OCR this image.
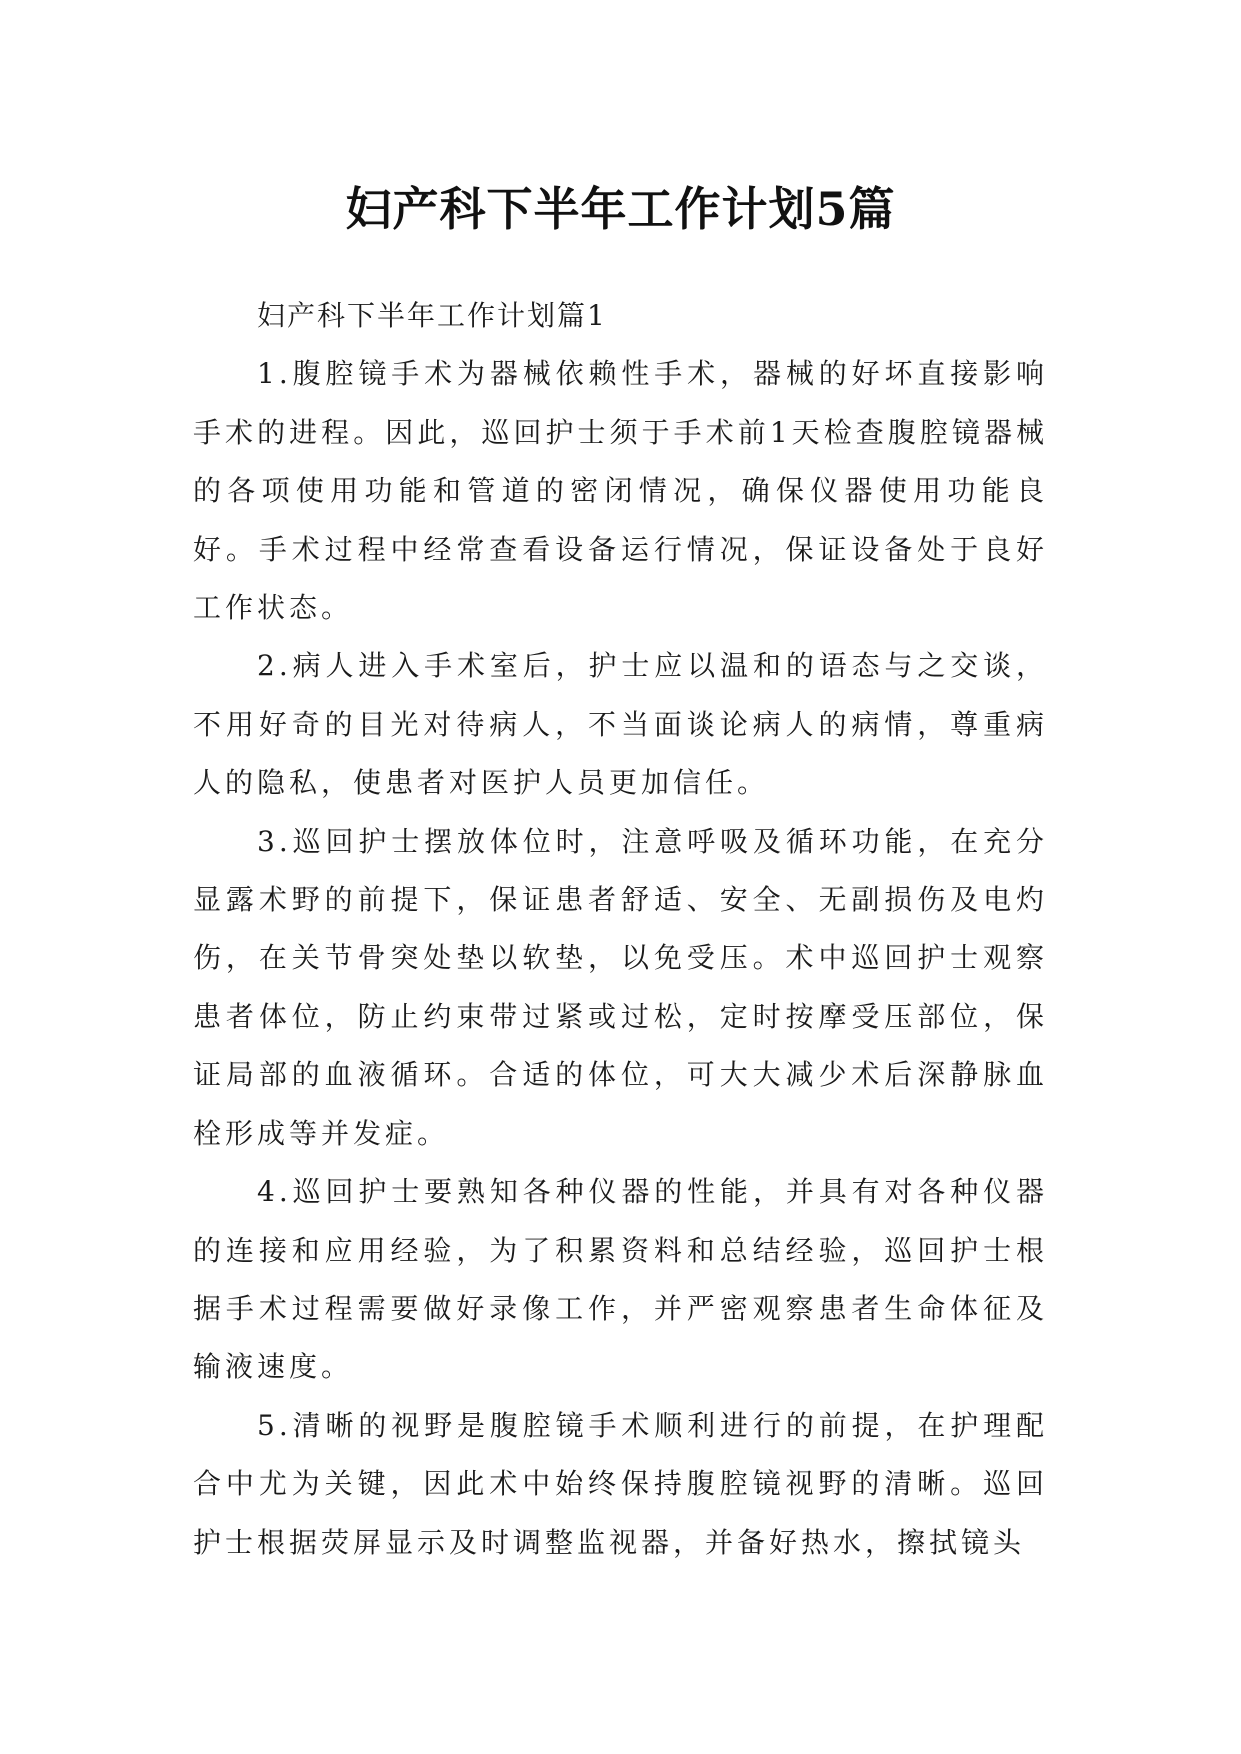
妇产科下半年工作计划5篇

妇产科下半年工作计划篇1

1.腹腔镜手术为器械依赖性手术，器械的好坏直接影响手术的进程。因此，巡回护士须于手术前1天检查腹腔镜器械的各项使用功能和管道的密闭情况，确保仪器使用功能良好。手术过程中经常查看设备运行情况，保证设备处于良好工作状态。

2.病人进入手术室后，护士应以温和的语态与之交谈，不用好奇的目光对待病人，不当面谈论病人的病情，尊重病人的隐私，使患者对医护人员更加信任。

3.巡回护士摆放体位时，注意呼吸及循环功能，在充分显露术野的前提下，保证患者舒适、安全、无副损伤及电灼伤，在关节骨突处垫以软垫，以免受压。术中巡回护士观察患者体位，防止约束带过紧或过松，定时按摩受压部位，保证局部的血液循环。合适的体位，可大大减少术后深静脉血栓形成等并发症。

4.巡回护士要熟知各种仪器的性能，并具有对各种仪器的连接和应用经验，为了积累资料和总结经验，巡回护士根据手术过程需要做好录像工作，并严密观察患者生命体征及输液速度。

5.清晰的视野是腹腔镜手术顺利进行的前提，在护理配合中尤为关键，因此术中始终保持腹腔镜视野的清晰。巡回护士根据荧屏显示及时调整监视器，并备好热水，擦拭镜头
